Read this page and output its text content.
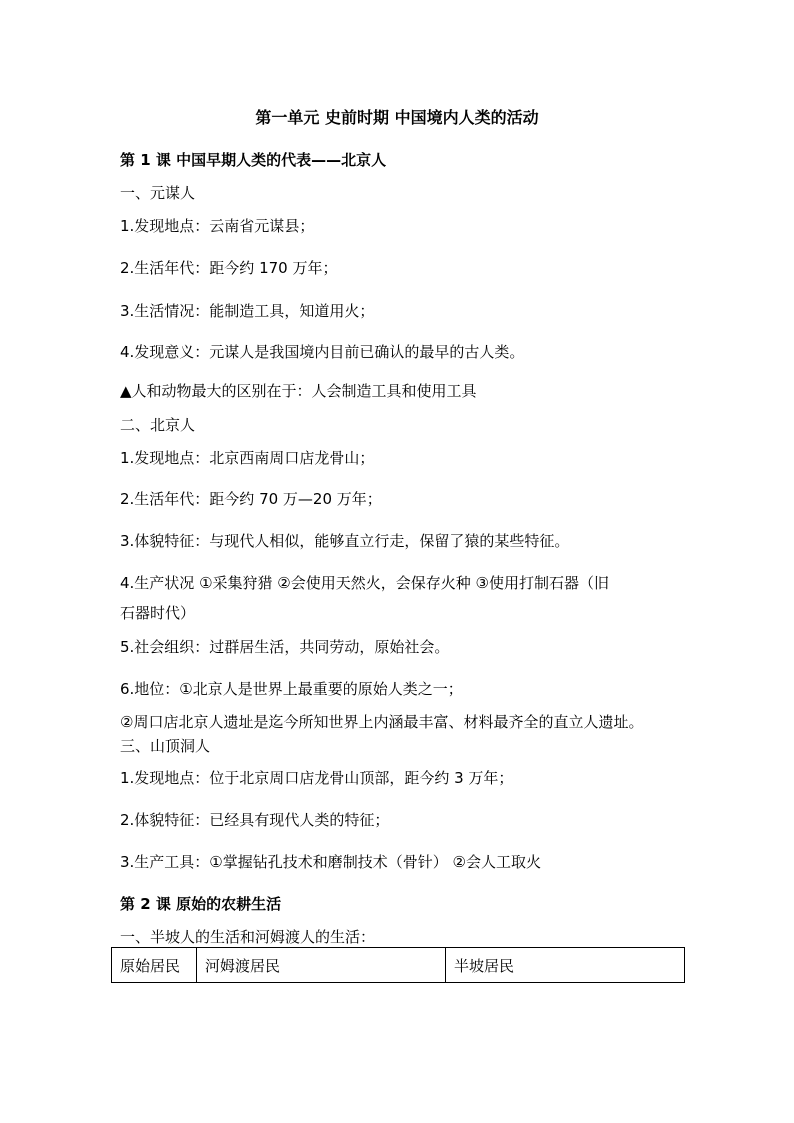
第一单元 史前时期 中国境内人类的活动
第 1 课 中国早期人类的代表——北京人
一、元谋人
1.发现地点：云南省元谋县；
2.生活年代：距今约 170 万年；
3.生活情况：能制造工具，知道用火；
4.发现意义：元谋人是我国境内目前已确认的最早的古人类。
▲人和动物最大的区别在于：人会制造工具和使用工具
二、北京人
1.发现地点：北京西南周口店龙骨山；
2.生活年代：距今约 70 万—20 万年；
3.体貌特征：与现代人相似，能够直立行走，保留了猿的某些特征。
4.生产状况 ①采集狩猎 ②会使用天然火，会保存火种 ③使用打制石器（旧
石器时代）
5.社会组织：过群居生活，共同劳动，原始社会。
6.地位：①北京人是世界上最重要的原始人类之一；
②周口店北京人遗址是迄今所知世界上内涵最丰富、材料最齐全的直立人遗址。
三、山顶洞人
1.发现地点：位于北京周口店龙骨山顶部，距今约 3 万年；
2.体貌特征：已经具有现代人类的特征；
3.生产工具：①掌握钻孔技术和磨制技术（骨针） ②会人工取火
第 2 课 原始的农耕生活
一、半坡人的生活和河姆渡人的生活：
原始居民	河姆渡居民	半坡居民
